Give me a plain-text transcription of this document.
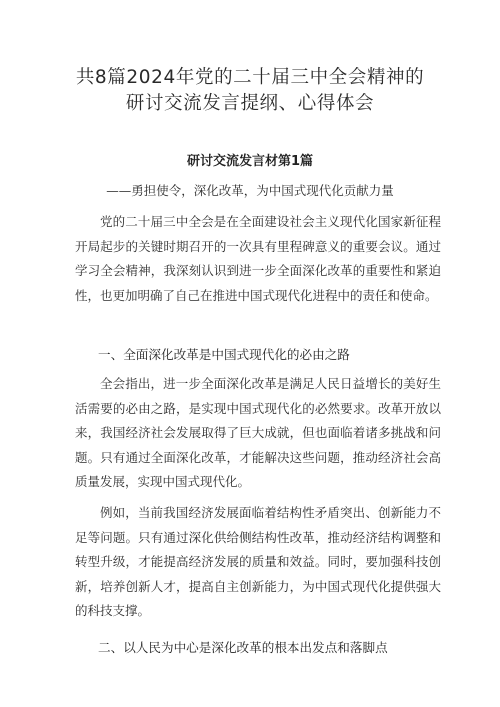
共8篇2024年党的二十届三中全会精神的
研讨交流发言提纲、心得体会
研讨交流发言材第1篇

——勇担使令，深化改革，为中国式现代化贡献力量

党的二十届三中全会是在全面建设社会主义现代化国家新征程开局起步的关键时期召开的一次具有里程碑意义的重要会议。通过学习全会精神，我深刻认识到进一步全面深化改革的重要性和紧迫性，也更加明确了自己在推进中国式现代化进程中的责任和使命。

一、全面深化改革是中国式现代化的必由之路

全会指出，进一步全面深化改革是满足人民日益增长的美好生活需要的必由之路，是实现中国式现代化的必然要求。改革开放以来，我国经济社会发展取得了巨大成就，但也面临着诸多挑战和问题。只有通过全面深化改革，才能解决这些问题，推动经济社会高质量发展，实现中国式现代化。

例如，当前我国经济发展面临着结构性矛盾突出、创新能力不足等问题。只有通过深化供给侧结构性改革，推动经济结构调整和转型升级，才能提高经济发展的质量和效益。同时，要加强科技创新，培养创新人才，提高自主创新能力，为中国式现代化提供强大的科技支撑。

二、以人民为中心是深化改革的根本出发点和落脚点
